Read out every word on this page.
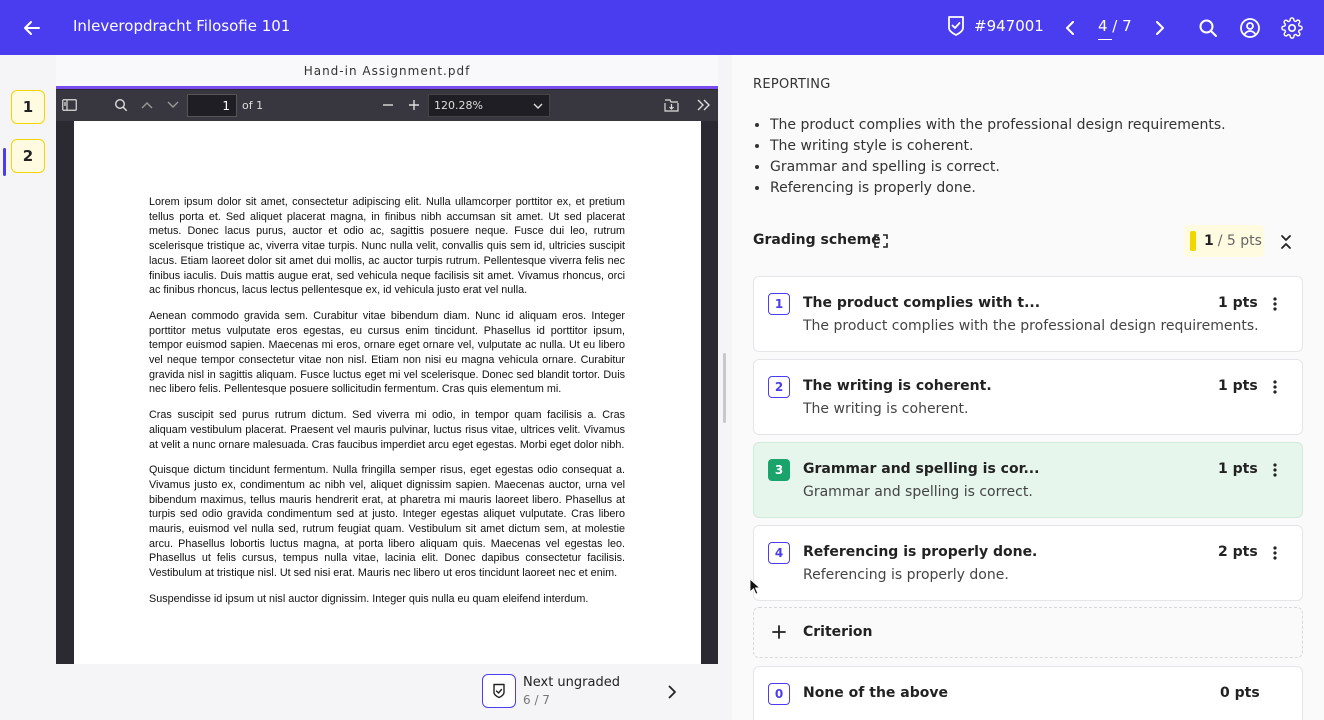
Inleveropdracht Filosofie 101	#947001	4 / 7
1
2
Hand-in Assignment.pdf
1
of 1	120.28%

Lorem ipsum dolor sit amet, consectetur adipiscing elit. Nulla ullamcorper porttitor ex, et pretium tellus porta et. Sed aliquet placerat magna, in finibus nibh accumsan sit amet. Ut sed placerat metus. Donec lacus purus, auctor et odio ac, sagittis posuere neque. Fusce dui leo, rutrum scelerisque tristique ac, viverra vitae turpis. Nunc nulla velit, convallis quis sem id, ultricies suscipit lacus. Etiam laoreet dolor sit amet dui mollis, ac auctor turpis rutrum. Pellentesque viverra felis nec finibus iaculis. Duis mattis augue erat, sed vehicula neque facilisis sit amet. Vivamus rhoncus, orci ac finibus rhoncus, lacus lectus pellentesque ex, id vehicula justo erat vel nulla.

Aenean commodo gravida sem. Curabitur vitae bibendum diam. Nunc id aliquam eros. Integer porttitor metus vulputate eros egestas, eu cursus enim tincidunt. Phasellus id porttitor ipsum, tempor euismod sapien. Maecenas mi eros, ornare eget ornare vel, vulputate ac nulla. Ut eu libero vel neque tempor consectetur vitae non nisl. Etiam non nisi eu magna vehicula ornare. Curabitur gravida nisl in sagittis aliquam. Fusce luctus eget mi vel scelerisque. Donec sed blandit tortor. Duis nec libero felis. Pellentesque posuere sollicitudin fermentum. Cras quis elementum mi.

Cras suscipit sed purus rutrum dictum. Sed viverra mi odio, in tempor quam facilisis a. Cras aliquam vestibulum placerat. Praesent vel mauris pulvinar, luctus risus vitae, ultrices velit. Vivamus at velit a nunc ornare malesuada. Cras faucibus imperdiet arcu eget egestas. Morbi eget dolor nibh.

Quisque dictum tincidunt fermentum. Nulla fringilla semper risus, eget egestas odio consequat a. Vivamus justo ex, condimentum ac nibh vel, aliquet dignissim sapien. Maecenas auctor, urna vel bibendum maximus, tellus mauris hendrerit erat, at pharetra mi mauris laoreet libero. Phasellus at turpis sed odio gravida condimentum sed at justo. Integer egestas aliquet vulputate. Cras libero mauris, euismod vel nulla sed, rutrum feugiat quam. Vestibulum sit amet dictum sem, at molestie arcu. Phasellus lobortis luctus magna, at porta libero aliquam quis. Maecenas vel egestas leo. Phasellus ut felis cursus, tempus nulla vitae, lacinia elit. Donec dapibus consectetur facilisis. Vestibulum at tristique nisl. Ut sed nisi erat. Mauris nec libero ut eros tincidunt laoreet nec et enim.

Suspendisse id ipsum ut nisl auctor dignissim. Integer quis nulla eu quam eleifend interdum.

Next ungraded
6 / 7
REPORTING
• The product complies with the professional design requirements.
• The writing style is coherent.
• Grammar and spelling is correct.
• Referencing is properly done.
Grading scheme	1 / 5 pts
1	The product complies with t...
The product complies with the professional design requirements.
1 pts
2	The writing is coherent.
The writing is coherent.
1 pts
3	Grammar and spelling is cor...
Grammar and spelling is correct.
1 pts
4	Referencing is properly done.
Referencing is properly done.
2 pts
Criterion
0	None of the above	0 pts
